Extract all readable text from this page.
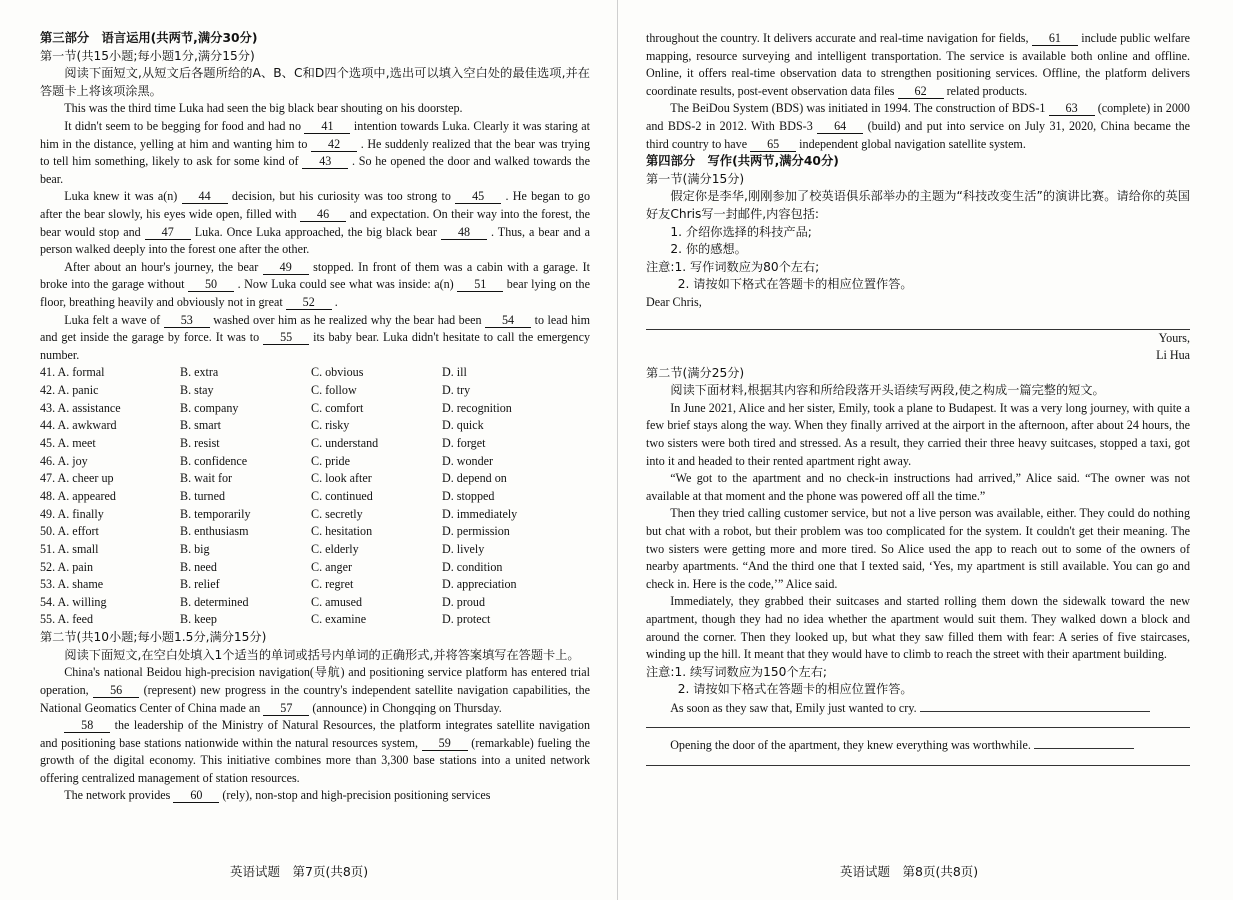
第三部分　语言运用(共两节,满分30分)

第一节(共15小题;每小题1分,满分15分)

阅读下面短文,从短文后各题所给的A、B、C和D四个选项中,选出可以填入空白处的最佳选项,并在答题卡上将该项涂黑。

This was the third time Luka had seen the big black bear shouting on his doorstep.

It didn't seem to be begging for food and had no 41 intention towards Luka. Clearly it was staring at him in the distance, yelling at him and wanting him to 42 . He suddenly realized that the bear was trying to tell him something, likely to ask for some kind of 43 . So he opened the door and walked towards the bear.

Luka knew it was a(n) 44 decision, but his curiosity was too strong to 45 . He began to go after the bear slowly, his eyes wide open, filled with 46 and expectation. On their way into the forest, the bear would stop and 47 Luka. Once Luka approached, the big black bear 48 . Thus, a bear and a person walked deeply into the forest one after the other.

After about an hour's journey, the bear 49 stopped. In front of them was a cabin with a garage. It broke into the garage without 50 . Now Luka could see what was inside: a(n) 51 bear lying on the floor, breathing heavily and obviously not in great 52 .

Luka felt a wave of 53 washed over him as he realized why the bear had been 54 to lead him and get inside the garage by force. It was to 55 its baby bear. Luka didn't hesitate to call the emergency number.

41. A. formal	B. extra	C. obvious	D. ill
42. A. panic	B. stay	C. follow	D. try
43. A. assistance	B. company	C. comfort	D. recognition
44. A. awkward	B. smart	C. risky	D. quick
45. A. meet	B. resist	C. understand	D. forget
46. A. joy	B. confidence	C. pride	D. wonder
47. A. cheer up	B. wait for	C. look after	D. depend on
48. A. appeared	B. turned	C. continued	D. stopped
49. A. finally	B. temporarily	C. secretly	D. immediately
50. A. effort	B. enthusiasm	C. hesitation	D. permission
51. A. small	B. big	C. elderly	D. lively
52. A. pain	B. need	C. anger	D. condition
53. A. shame	B. relief	C. regret	D. appreciation
54. A. willing	B. determined	C. amused	D. proud
55. A. feed	B. keep	C. examine	D. protect

第二节(共10小题;每小题1.5分,满分15分)

阅读下面短文,在空白处填入1个适当的单词或括号内单词的正确形式,并将答案填写在答题卡上。

China's national Beidou high-precision navigation(导航) and positioning service platform has entered trial operation, 56 (represent) new progress in the country's independent satellite navigation capabilities, the National Geomatics Center of China made an 57 (announce) in Chongqing on Thursday.

58 the leadership of the Ministry of Natural Resources, the platform integrates satellite navigation and positioning base stations nationwide within the natural resources system, 59 (remarkable) fueling the growth of the digital economy. This initiative combines more than 3,300 base stations into a united network offering centralized management of station resources.

The network provides 60 (rely), non-stop and high-precision positioning services

英语试题　第7页(共8页)

throughout the country. It delivers accurate and real-time navigation for fields, 61 include public welfare mapping, resource surveying and intelligent transportation. The service is available both online and offline. Online, it offers real-time observation data to strengthen positioning services. Offline, the platform delivers coordinate results, post-event observation data files 62 related products.

The BeiDou System (BDS) was initiated in 1994. The construction of BDS-1 63 (complete) in 2000 and BDS-2 in 2012. With BDS-3 64 (build) and put into service on July 31, 2020, China became the third country to have 65 independent global navigation satellite system.

第四部分　写作(共两节,满分40分)

第一节(满分15分)

假定你是李华,刚刚参加了校英语俱乐部举办的主题为“科技改变生活”的演讲比赛。请给你的英国好友Chris写一封邮件,内容包括:

1. 介绍你选择的科技产品;

2. 你的感想。

注意:1. 写作词数应为80个左右;

2. 请按如下格式在答题卡的相应位置作答。

Dear Chris,

Yours,

Li Hua

第二节(满分25分)

阅读下面材料,根据其内容和所给段落开头语续写两段,使之构成一篇完整的短文。

In June 2021, Alice and her sister, Emily, took a plane to Budapest. It was a very long journey, with quite a few brief stays along the way. When they finally arrived at the airport in the afternoon, after about 24 hours, the two sisters were both tired and stressed. As a result, they carried their three heavy suitcases, stopped a taxi, got into it and headed to their rented apartment right away.

“We got to the apartment and no check-in instructions had arrived,” Alice said. “The owner was not available at that moment and the phone was powered off all the time.”

Then they tried calling customer service, but not a live person was available, either. They could do nothing but chat with a robot, but their problem was too complicated for the system. It couldn't get their meaning. The two sisters were getting more and more tired. So Alice used the app to reach out to some of the owners of nearby apartments. “And the third one that I texted said, ‘Yes, my apartment is still available. You can go and check in. Here is the code,’” Alice said.

Immediately, they grabbed their suitcases and started rolling them down the sidewalk toward the new apartment, though they had no idea whether the apartment would suit them. They walked down a block and around the corner. Then they looked up, but what they saw filled them with fear: A series of five staircases, winding up the hill. It meant that they would have to climb to reach the street with their apartment building.

注意:1. 续写词数应为150个左右;

2. 请按如下格式在答题卡的相应位置作答。

As soon as they saw that, Emily just wanted to cry.

Opening the door of the apartment, they knew everything was worthwhile.

英语试题　第8页(共8页)
